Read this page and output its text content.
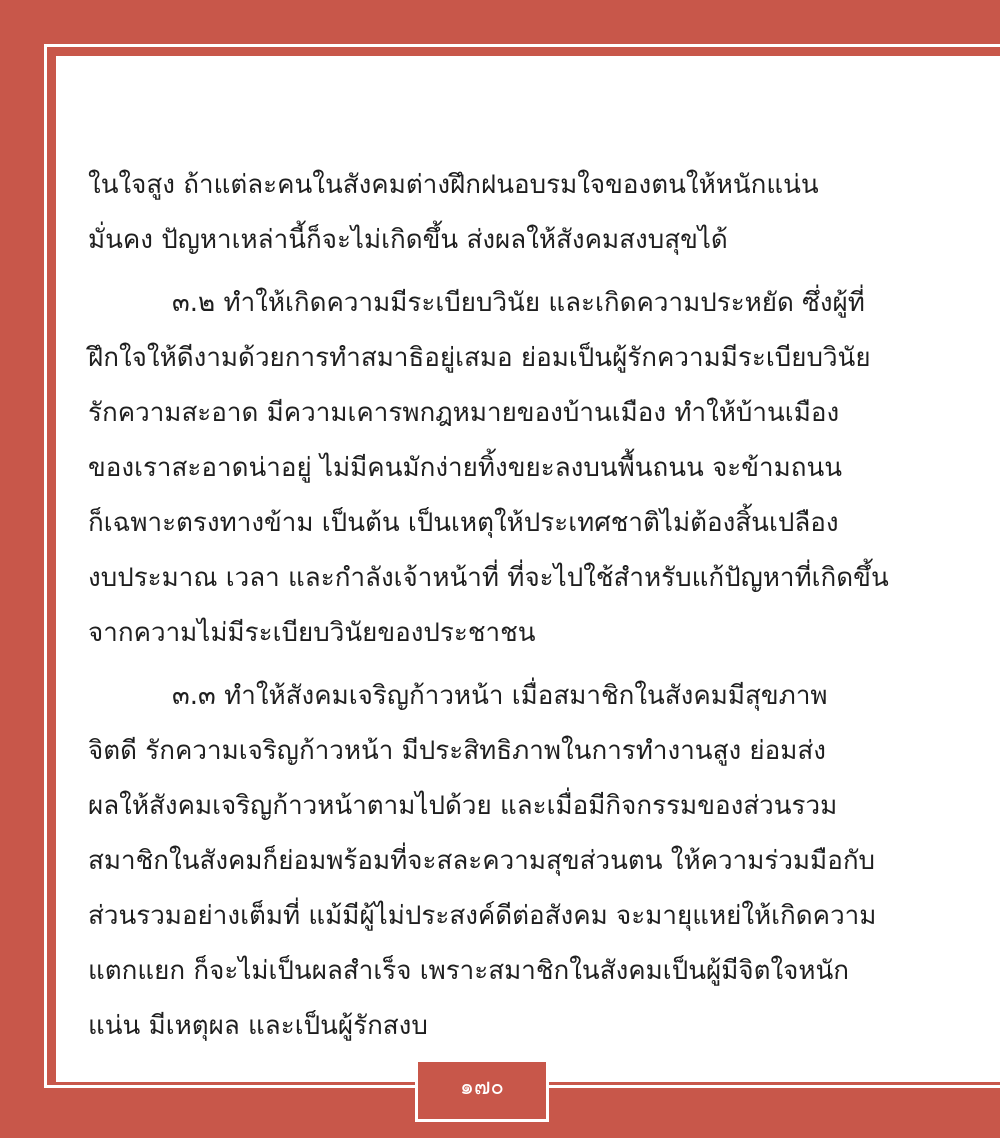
ในใจสูง ถ้าแต่ละคนในสังคมต่างฝึกฝนอบรมใจของตนให้หนักแน่น
มั่นคง ปัญหาเหล่านี้ก็จะไม่เกิดขึ้น ส่งผลให้สังคมสงบสุขได้
๓.๒ ทำให้เกิดความมีระเบียบวินัย และเกิดความประหยัด ซึ่งผู้ที่
ฝึกใจให้ดีงามด้วยการทำสมาธิอยู่เสมอ ย่อมเป็นผู้รักความมีระเบียบวินัย
รักความสะอาด มีความเคารพกฎหมายของบ้านเมือง ทำให้บ้านเมือง
ของเราสะอาดน่าอยู่ ไม่มีคนมักง่ายทิ้งขยะลงบนพื้นถนน จะข้ามถนน
ก็เฉพาะตรงทางข้าม เป็นต้น เป็นเหตุให้ประเทศชาติไม่ต้องสิ้นเปลือง
งบประมาณ เวลา และกำลังเจ้าหน้าที่ ที่จะไปใช้สำหรับแก้ปัญหาที่เกิดขึ้น
จากความไม่มีระเบียบวินัยของประชาชน
๓.๓ ทำให้สังคมเจริญก้าวหน้า เมื่อสมาชิกในสังคมมีสุขภาพ
จิตดี รักความเจริญก้าวหน้า มีประสิทธิภาพในการทำงานสูง ย่อมส่ง
ผลให้สังคมเจริญก้าวหน้าตามไปด้วย และเมื่อมีกิจกรรมของส่วนรวม
สมาชิกในสังคมก็ย่อมพร้อมที่จะสละความสุขส่วนตน ให้ความร่วมมือกับ
ส่วนรวมอย่างเต็มที่ แม้มีผู้ไม่ประสงค์ดีต่อสังคม จะมายุแหย่ให้เกิดความ
แตกแยก ก็จะไม่เป็นผลสำเร็จ เพราะสมาชิกในสังคมเป็นผู้มีจิตใจหนัก
แน่น มีเหตุผล และเป็นผู้รักสงบ
๑๗๐
